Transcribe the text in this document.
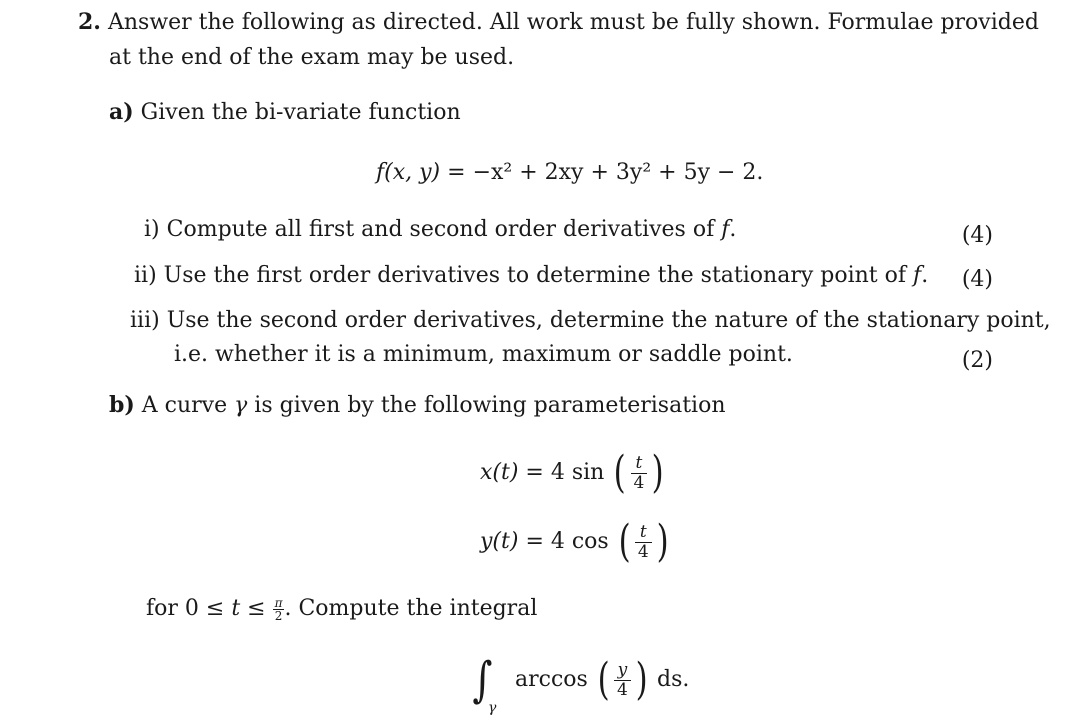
2. Answer the following as directed. All work must be fully shown. Formulae provided
at the end of the exam may be used.
a) Given the bi-variate function
f(x, y) = −x² + 2xy + 3y² + 5y − 2.
i) Compute all first and second order derivatives of f.	(4)
ii) Use the first order derivatives to determine the stationary point of f. (4)
iii) Use the second order derivatives, determine the nature of the stationary point,
i.e. whether it is a minimum, maximum or saddle point.	(2)
b) A curve γ is given by the following parameterisation
x(t) = 4 sin ( $\frac{t}{4}$ )
y(t) = 4 cos ( $\frac{t}{4}$ )
for $0 \le t \le \frac{\pi}{2}$ . Compute the integral
∫ arccos ( $\frac{y}{4}$ ) ds.
γ
